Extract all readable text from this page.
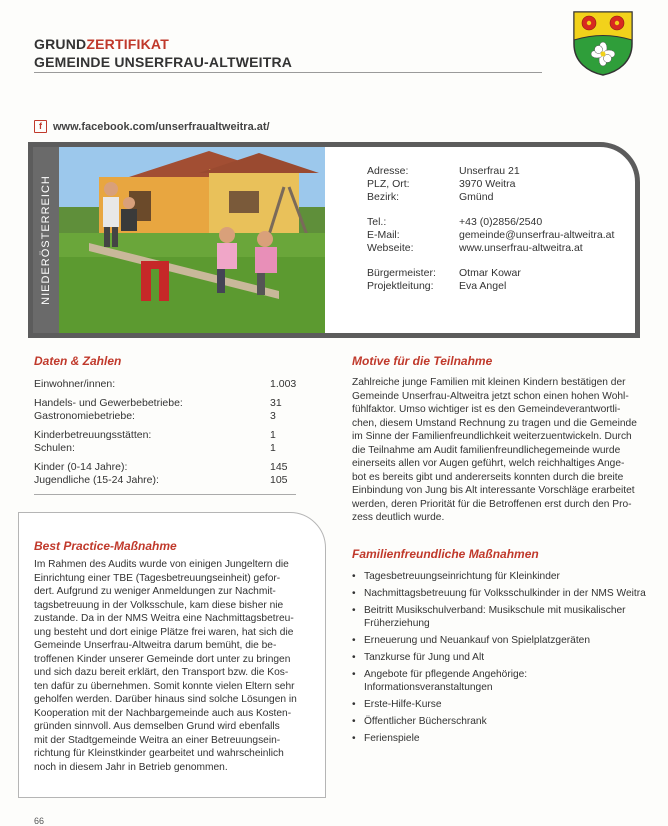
GRUNDZERTIFIKAT
GEMEINDE UNSERFRAU-ALTWEITRA
f	www.facebook.com/unserfraualtweitra.at/
NIEDERÖSTERREICH
Adresse:	Unserfrau 21
PLZ, Ort:	3970 Weitra
Bezirk:	Gmünd
Tel.:	+43 (0)2856/2540
E-Mail:	gemeinde@unserfrau-altweitra.at
Webseite:	www.unserfrau-altweitra.at
Bürgermeister:	Otmar Kowar
Projektleitung:	Eva Angel
Daten & Zahlen
Einwohner/innen:	1.003
Handels- und Gewerbebetriebe:	31
Gastronomiebetriebe:	3
Kinderbetreuungsstätten:	1
Schulen:	1
Kinder (0-14 Jahre):	145
Jugendliche (15-24 Jahre):	105
Best Practice-Maßnahme
Im Rahmen des Audits wurde von einigen Jungeltern die
Einrichtung einer TBE (Tagesbetreuungseinheit) gefor-
dert. Aufgrund zu weniger Anmeldungen zur Nachmit-
tagsbetreuung in der Volksschule, kam diese bisher nie
zustande. Da in der NMS Weitra eine Nachmittagsbetreu-
ung besteht und dort einige Plätze frei waren, hat sich die
Gemeinde Unserfrau-Altweitra darum bemüht, die be-
troffenen Kinder unserer Gemeinde dort unter zu bringen
und sich dazu bereit erklärt, den Transport bzw. die Kos-
ten dafür zu übernehmen. Somit konnte vielen Eltern sehr
geholfen werden. Darüber hinaus sind solche Lösungen in
Kooperation mit der Nachbargemeinde auch aus Kosten-
gründen sinnvoll. Aus demselben Grund wird ebenfalls
mit der Stadtgemeinde Weitra an einer Betreuungsein-
richtung für Kleinstkinder gearbeitet und wahrscheinlich
noch in diesem Jahr in Betrieb genommen.
Motive für die Teilnahme
Zahlreiche junge Familien mit kleinen Kindern bestätigen der
Gemeinde Unserfrau-Altweitra jetzt schon einen hohen Wohl-
fühlfaktor. Umso wichtiger ist es den Gemeindeverantwortli-
chen, diesem Umstand Rechnung zu tragen und die Gemeinde
im Sinne der Familienfreundlichkeit weiterzuentwickeln. Durch
die Teilnahme am Audit familienfreundlichegemeinde wurde
einerseits allen vor Augen geführt, welch reichhaltiges Ange-
bot es bereits gibt und andererseits konnten durch die breite
Einbindung von Jung bis Alt interessante Vorschläge erarbeitet
werden, deren Priorität für die Betroffenen erst durch den Pro-
zess deutlich wurde.
Familienfreundliche Maßnahmen
• Tagesbetreuungseinrichtung für Kleinkinder
• Nachmittagsbetreuung für Volksschulkinder in der NMS Weitra
• Beitritt Musikschulverband: Musikschule mit musikalischer Früherziehung
• Erneuerung und Neuankauf von Spielplatzgeräten
• Tanzkurse für Jung und Alt
• Angebote für pflegende Angehörige: Informationsveranstaltungen
• Erste-Hilfe-Kurse
• Öffentlicher Bücherschrank
• Ferienspiele
66
